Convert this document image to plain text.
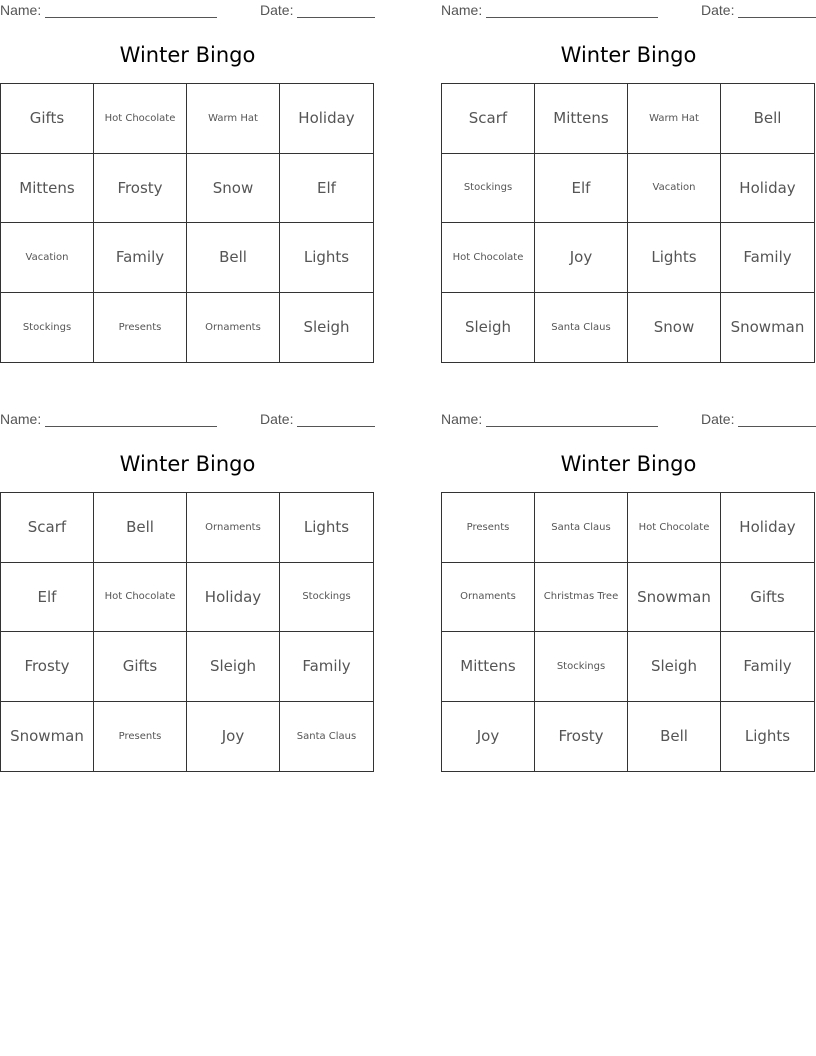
Name:	Date:
Winter Bingo
Gifts	Hot Chocolate	Warm Hat	Holiday
Mittens	Frosty	Snow	Elf
Vacation	Family	Bell	Lights
Stockings	Presents	Ornaments	Sleigh
Name:	Date:
Winter Bingo
Scarf	Mittens	Warm Hat	Bell
Stockings	Elf	Vacation	Holiday
Hot Chocolate	Joy	Lights	Family
Sleigh	Santa Claus	Snow	Snowman
Name:	Date:
Winter Bingo
Scarf	Bell	Ornaments	Lights
Elf	Hot Chocolate	Holiday	Stockings
Frosty	Gifts	Sleigh	Family
Snowman	Presents	Joy	Santa Claus
Name:	Date:
Winter Bingo
Presents	Santa Claus	Hot Chocolate	Holiday
Ornaments	Christmas Tree	Snowman	Gifts
Mittens	Stockings	Sleigh	Family
Joy	Frosty	Bell	Lights
